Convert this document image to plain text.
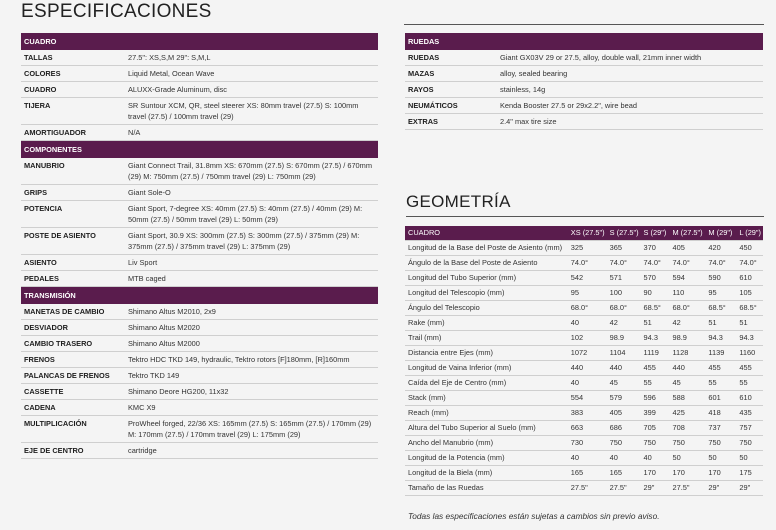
ESPECIFICACIONES
CUADRO	
TALLAS	27.5": XS,S,M 29": S,M,L
COLORES	Liquid Metal, Ocean Wave
CUADRO	ALUXX-Grade Aluminum, disc
TIJERA	SR Suntour XCM, QR, steel steerer XS: 80mm travel (27.5) S: 100mm travel (27.5) / 100mm travel (29)
AMORTIGUADOR	N/A
COMPONENTES	
MANUBRIO	Giant Connect Trail, 31.8mm XS: 670mm (27.5) S: 670mm (27.5) / 670mm (29) M: 750mm (27.5) / 750mm travel (29) L: 750mm (29)
GRIPS	Giant Sole-O
POTENCIA	Giant Sport, 7-degree XS: 40mm (27.5) S: 40mm (27.5) / 40mm (29) M: 50mm (27.5) / 50mm travel (29) L: 50mm (29)
POSTE DE ASIENTO	Giant Sport, 30.9 XS: 300mm (27.5) S: 300mm (27.5) / 375mm (29) M: 375mm (27.5) / 375mm travel (29) L: 375mm (29)
ASIENTO	Liv Sport
PEDALES	MTB caged
TRANSMISIÓN	
MANETAS DE CAMBIO	Shimano Altus M2010, 2x9
DESVIADOR	Shimano Altus M2020
CAMBIO TRASERO	Shimano Altus M2000
FRENOS	Tektro HDC TKD 149, hydraulic, Tektro rotors [F]180mm, [R]160mm
PALANCAS DE FRENOS	Tektro TKD 149
CASSETTE	Shimano Deore HG200, 11x32
CADENA	KMC X9
MULTIPLICACIÓN	ProWheel forged, 22/36 XS: 165mm (27.5) S: 165mm (27.5) / 170mm (29) M: 170mm (27.5) / 170mm travel (29) L: 175mm (29)
EJE DE CENTRO	cartridge
RUEDAS	
RUEDAS	Giant GX03V 29 or 27.5, alloy, double wall, 21mm inner width
MAZAS	alloy, sealed bearing
RAYOS	stainless, 14g
NEUMÁTICOS	Kenda Booster 27.5 or 29x2.2", wire bead
EXTRAS	2.4" max tire size
GEOMETRÍA
CUADRO	XS (27.5")	S (27.5")	S (29")	M (27.5")	M (29")	L (29")
Longitud de la Base del Poste de Asiento (mm)	325	365	370	405	420	450
Ángulo de la Base del Poste de Asiento	74.0°	74.0°	74.0°	74.0°	74.0°	74.0°
Longitud del Tubo Superior (mm)	542	571	570	594	590	610
Longitud del Telescopio (mm)	95	100	90	110	95	105
Ángulo del Telescopio	68.0°	68.0°	68.5°	68.0°	68.5°	68.5°
Rake (mm)	40	42	51	42	51	51
Trail (mm)	102	98.9	94.3	98.9	94.3	94.3
Distancia entre Ejes (mm)	1072	1104	1119	1128	1139	1160
Longitud de Vaina Inferior (mm)	440	440	455	440	455	455
Caída del Eje de Centro (mm)	40	45	55	45	55	55
Stack (mm)	554	579	596	588	601	610
Reach (mm)	383	405	399	425	418	435
Altura del Tubo Superior al Suelo (mm)	663	686	705	708	737	757
Ancho del Manubrio (mm)	730	750	750	750	750	750
Longitud de la Potencia (mm)	40	40	40	50	50	50
Longitud de la Biela (mm)	165	165	170	170	170	175
Tamaño de las Ruedas	27.5"	27.5"	29"	27.5"	29"	29"
Todas las especificaciones están sujetas a cambios sin previo aviso.
